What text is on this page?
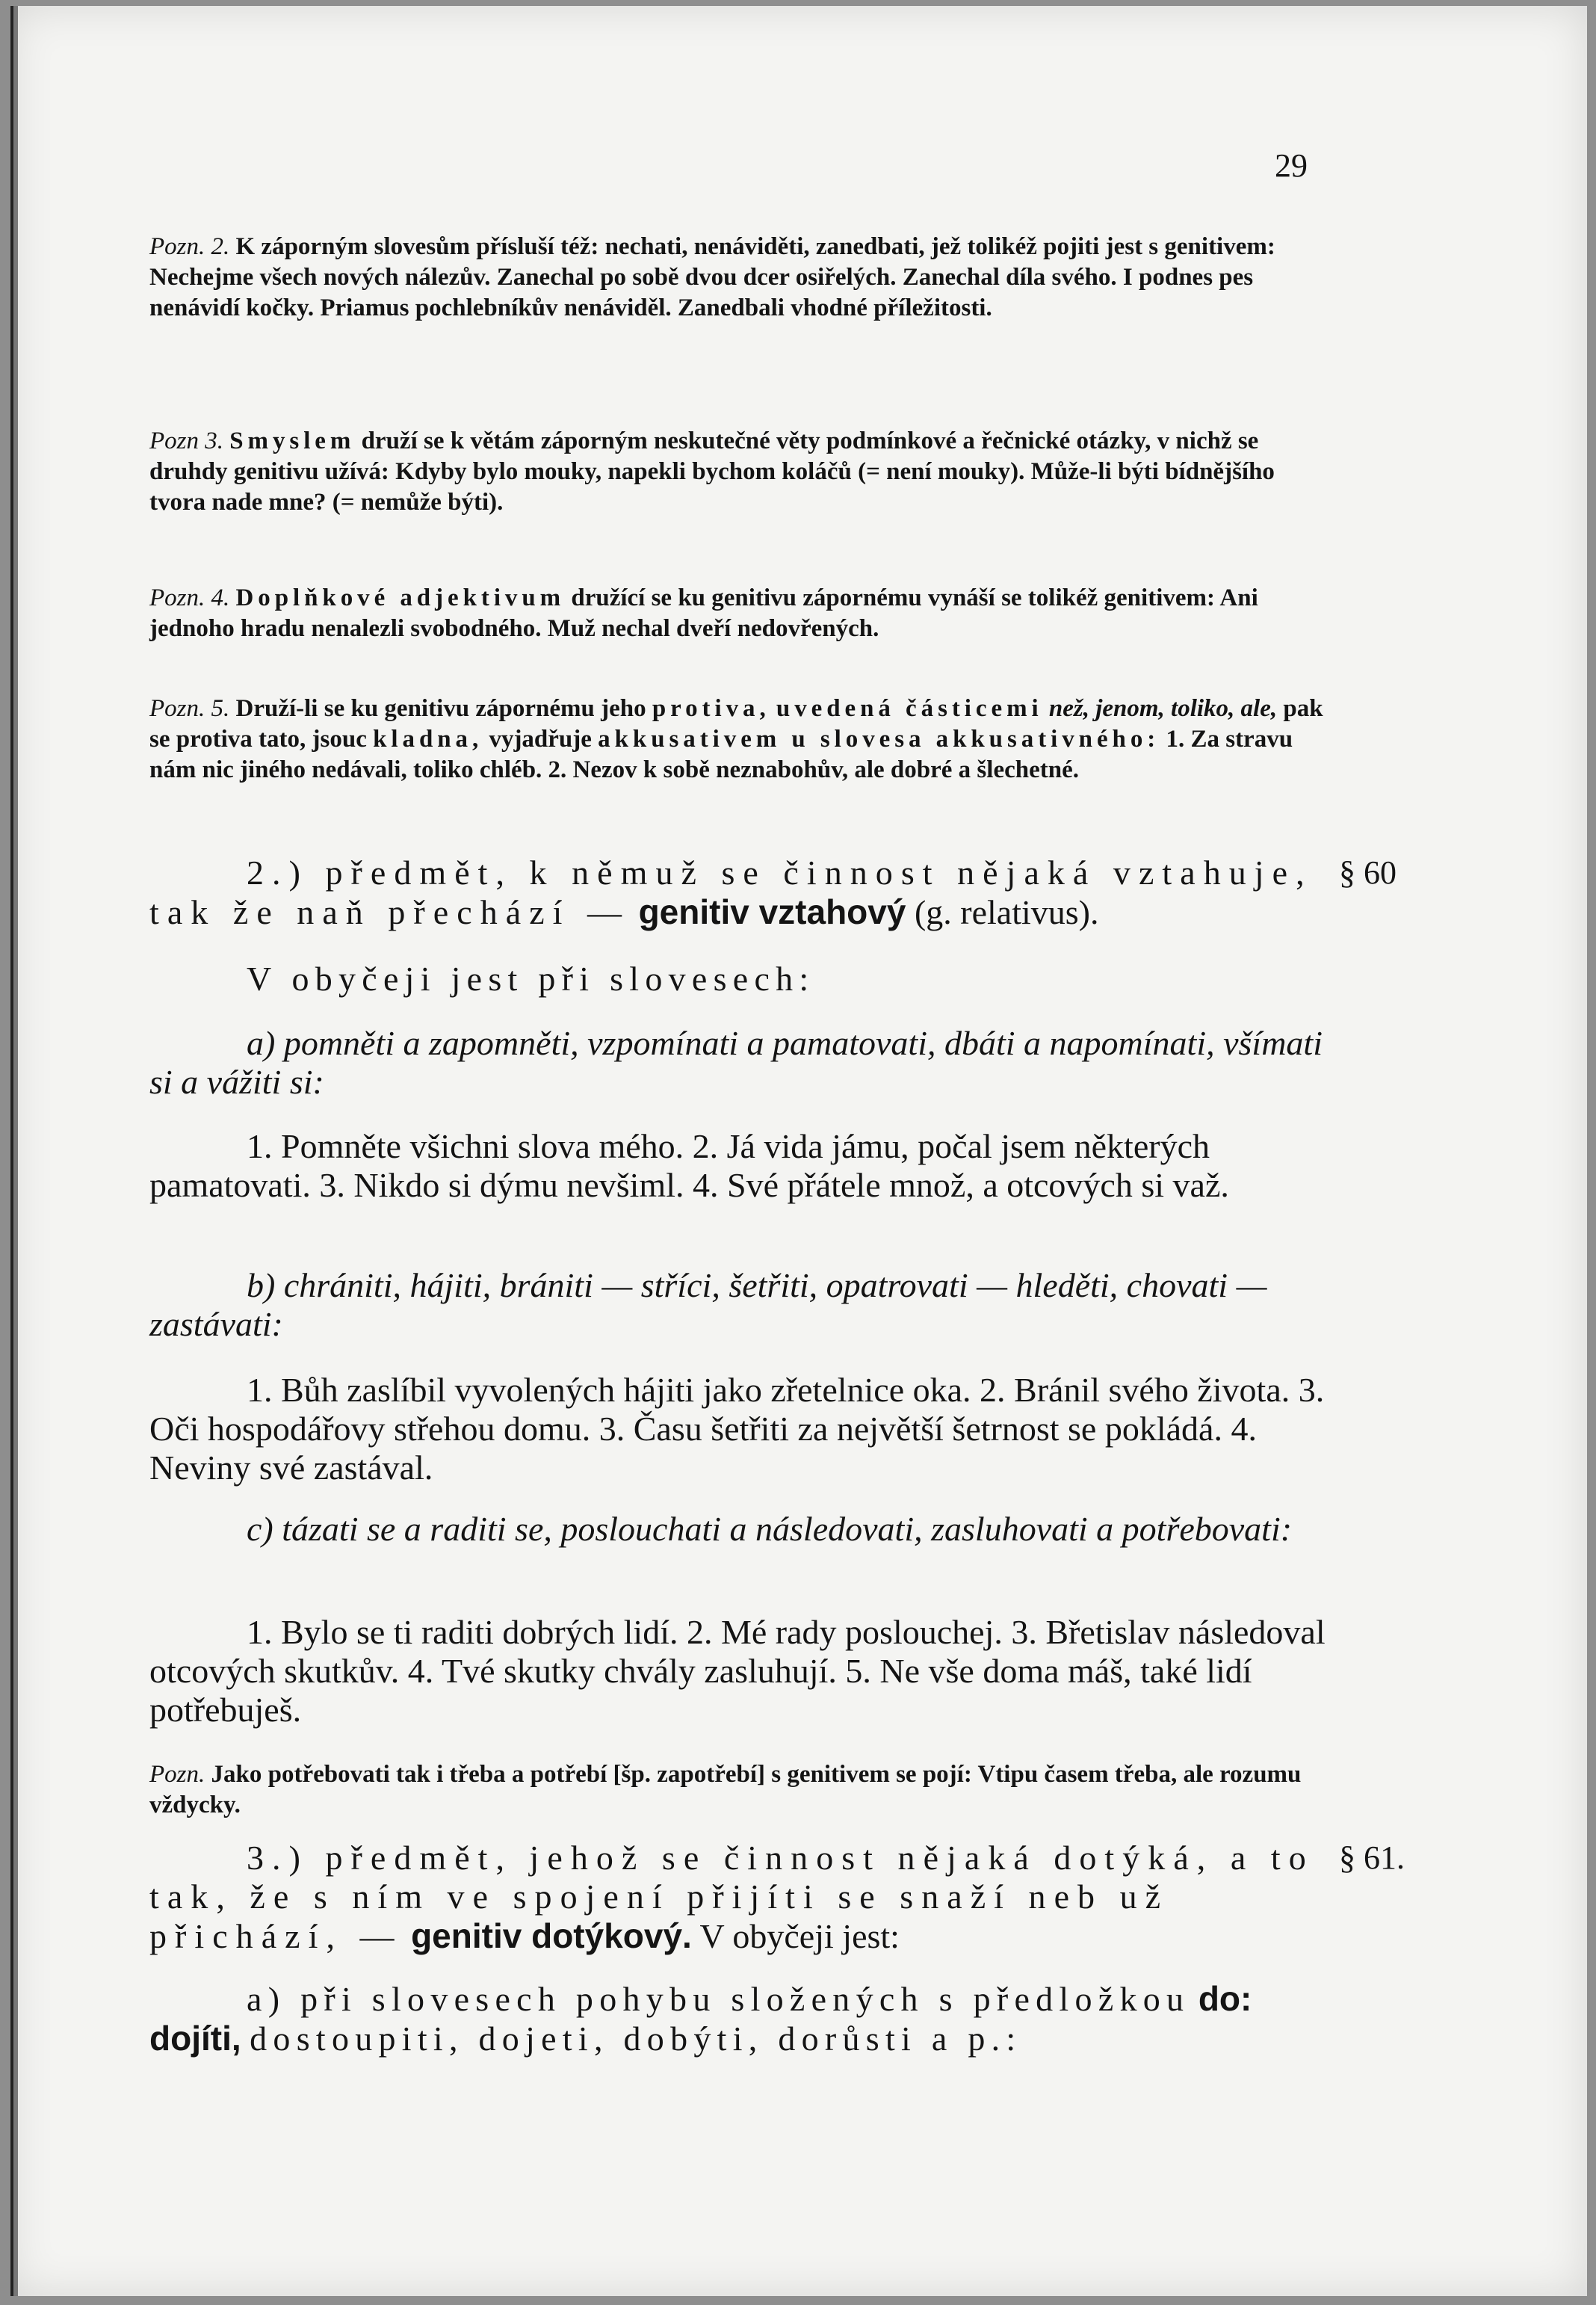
29
Pozn. 2. K záporným slovesům přísluší též: nechati, nenáviděti, zanedbati, jež tolikéž pojiti jest s genitivem: Nechejme všech nových nálezův. Zanechal po sobě dvou dcer osiřelých. Zanechal díla svého. I podnes pes nenávidí kočky. Priamus pochlebníkův nenáviděl. Zanedbali vhodné příležitosti.
Pozn 3. Smyslem druží se k větám záporným neskutečné věty podmínkové a řečnické otázky, v nichž se druhdy genitivu užívá: Kdyby bylo mouky, napekli bychom koláčů (= není mouky). Může-li býti bídnějšího tvora nade mne? (= nemůže býti).
Pozn. 4. Doplňkové adjektivum družící se ku genitivu zápornému vynáší se tolikéž genitivem: Ani jednoho hradu nenalezli svobodného. Muž nechal dveří nedovřených.
Pozn. 5. Druží-li se ku genitivu zápornému jeho protiva, uvedená částicemi než, jenom, toliko, ale, pak se protiva tato, jsouc kladna, vyjadřuje akkusativem u slovesa akkusativného: 1. Za stravu nám nic jiného nedávali, toliko chléb. 2. Nezov k sobě neznabohův, ale dobré a šlechetné.
§ 60
2.) předmět, k němuž se činnost nějaká vztahuje, tak že naň přechází — genitiv vztahový (g. relativus).
V obyčeji jest při slovesech:
a) pomněti a zapomněti, vzpomínati a pamatovati, dbáti a napomínati, všímati si a vážiti si:
1. Pomněte všichni slova mého. 2. Já vida jámu, počal jsem některých pamatovati. 3. Nikdo si dýmu nevšiml. 4. Své přátele množ, a otcových si važ.
b) chrániti, hájiti, brániti — stříci, šetřiti, opatrovati — hleděti, chovati — zastávati:
1. Bůh zaslíbil vyvolených hájiti jako zřetelnice oka. 2. Bránil svého života. 3. Oči hospodářovy střehou domu. 3. Času šetřiti za největší šetrnost se pokládá. 4. Neviny své zastával.
c) tázati se a raditi se, poslouchati a následovati, zasluhovati a potřebovati:
1. Bylo se ti raditi dobrých lidí. 2. Mé rady poslouchej. 3. Břetislav následoval otcových skutkův. 4. Tvé skutky chvály zasluhují. 5. Ne vše doma máš, také lidí potřebuješ.
Pozn. Jako potřebovati tak i třeba a potřebí [šp. zapotřebí] s genitivem se pojí: Vtipu časem třeba, ale rozumu vždycky.
§ 61.
3.) předmět, jehož se činnost nějaká dotýká, a to tak, že s ním ve spojení přijíti se snaží neb už přichází, — genitiv dotýkový. V obyčeji jest:
a) při slovesech pohybu složených s předložkou do: dojíti, dostoupiti, dojeti, dobýti, dorůsti a p.:
